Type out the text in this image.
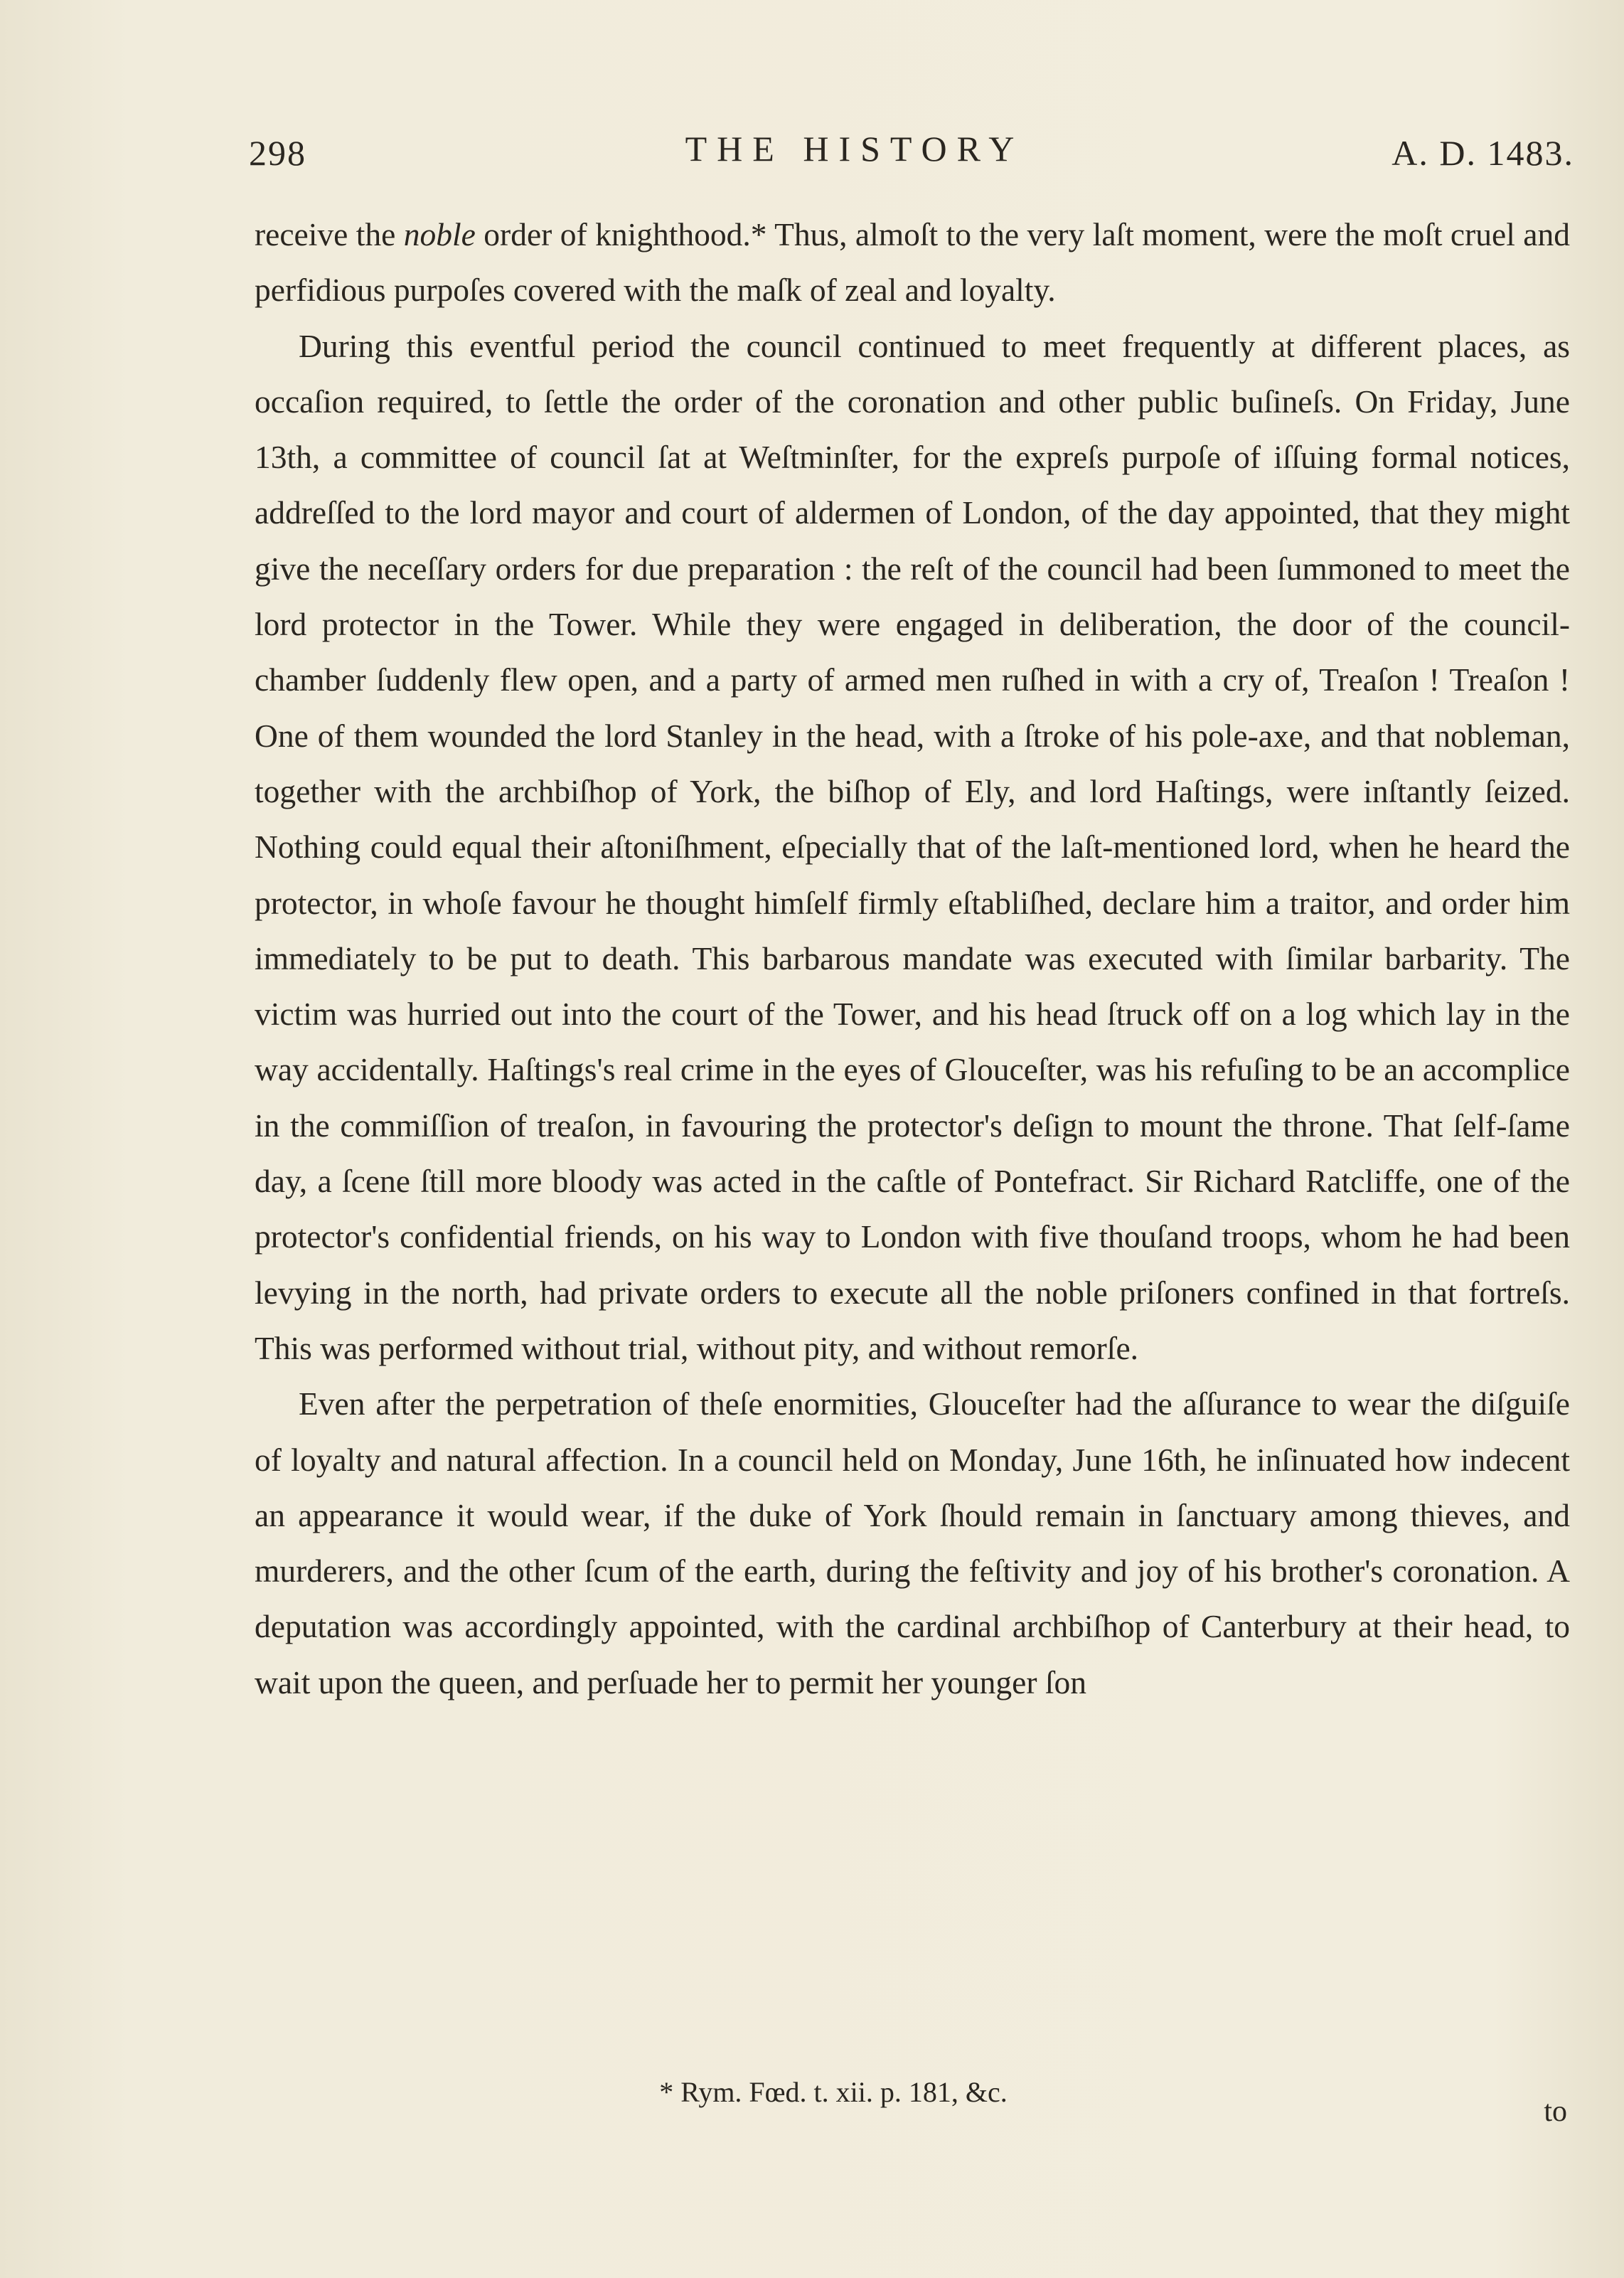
298	THE HISTORY	A. D. 1483.

receive the noble order of knighthood.* Thus, almoſt to the very laſt moment, were the moſt cruel and perfidious purpoſes covered with the maſk of zeal and loyalty.

During this eventful period the council continued to meet frequently at different places, as occaſion required, to ſettle the order of the coronation and other public buſineſs. On Friday, June 13th, a committee of council ſat at Weſtminſter, for the expreſs purpoſe of iſſuing formal notices, addreſſed to the lord mayor and court of aldermen of London, of the day appointed, that they might give the neceſſary orders for due preparation : the reſt of the council had been ſummoned to meet the lord protector in the Tower. While they were engaged in deliberation, the door of the council-chamber ſuddenly flew open, and a party of armed men ruſhed in with a cry of, Treaſon ! Treaſon ! One of them wounded the lord Stanley in the head, with a ſtroke of his pole-axe, and that nobleman, together with the archbiſhop of York, the biſhop of Ely, and lord Haſtings, were inſtantly ſeized. Nothing could equal their aſtoniſhment, eſpecially that of the laſt-mentioned lord, when he heard the protector, in whoſe favour he thought himſelf firmly eſtabliſhed, declare him a traitor, and order him immediately to be put to death. This barbarous mandate was executed with ſimilar barbarity. The victim was hurried out into the court of the Tower, and his head ſtruck off on a log which lay in the way accidentally. Haſtings's real crime in the eyes of Glouceſter, was his refuſing to be an accomplice in the commiſſion of treaſon, in favouring the protector's deſign to mount the throne. That ſelf-ſame day, a ſcene ſtill more bloody was acted in the caſtle of Pontefract. Sir Richard Ratcliffe, one of the protector's confidential friends, on his way to London with five thouſand troops, whom he had been levying in the north, had private orders to execute all the noble priſoners confined in that fortreſs. This was performed without trial, without pity, and without remorſe.

Even after the perpetration of theſe enormities, Glouceſter had the aſſurance to wear the diſguiſe of loyalty and natural affection. In a council held on Monday, June 16th, he inſinuated how indecent an appearance it would wear, if the duke of York ſhould remain in ſanctuary among thieves, and murderers, and the other ſcum of the earth, during the feſtivity and joy of his brother's coronation. A deputation was accordingly appointed, with the cardinal archbiſhop of Canterbury at their head, to wait upon the queen, and perſuade her to permit her younger ſon

* Rym. Fœd. t. xii. p. 181, &c.
to
